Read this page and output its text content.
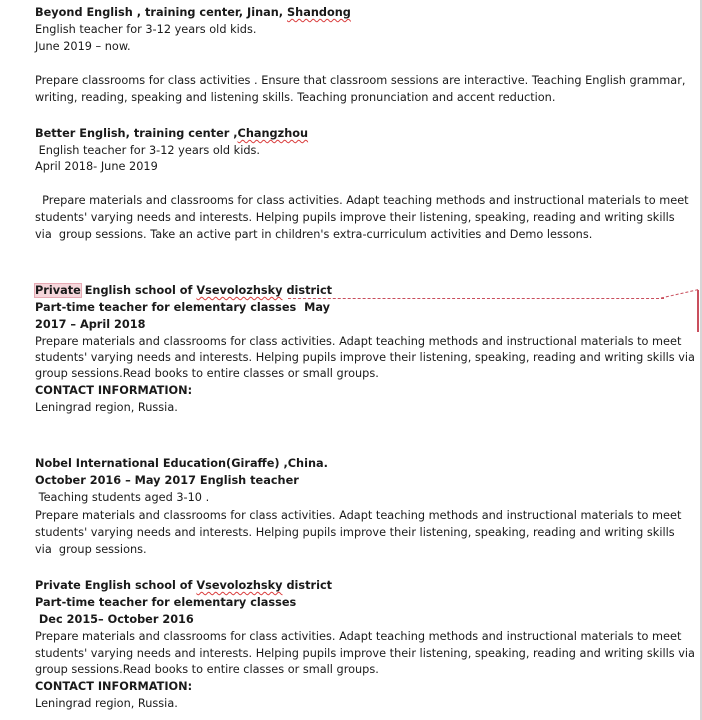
Beyond English , training center, Jinan, Shandong
English teacher for 3-12 years old kids.
June 2019 – now.
Prepare classrooms for class activities . Ensure that classroom sessions are interactive. Teaching English grammar,
writing, reading, speaking and listening skills. Teaching pronunciation and accent reduction.
Better English, training center ,Changzhou
English teacher for 3-12 years old kids.
April 2018- June 2019
Prepare materials and classrooms for class activities. Adapt teaching methods and instructional materials to meet
students' varying needs and interests. Helping pupils improve their listening, speaking, reading and writing skills
via  group sessions. Take an active part in children's extra-curriculum activities and Demo lessons.
Private English school of Vsevolozhsky district
Part-time teacher for elementary classes  May
2017 – April 2018
Prepare materials and classrooms for class activities. Adapt teaching methods and instructional materials to meet
students' varying needs and interests. Helping pupils improve their listening, speaking, reading and writing skills via
group sessions.Read books to entire classes or small groups.
CONTACT INFORMATION:
Leningrad region, Russia.
Nobel International Education(Giraffe) ,China.
October 2016 – May 2017 English teacher
Teaching students aged 3-10 .
Prepare materials and classrooms for class activities. Adapt teaching methods and instructional materials to meet
students' varying needs and interests. Helping pupils improve their listening, speaking, reading and writing skills
via  group sessions.
Private English school of Vsevolozhsky district
Part-time teacher for elementary classes
Dec 2015– October 2016
Prepare materials and classrooms for class activities. Adapt teaching methods and instructional materials to meet
students' varying needs and interests. Helping pupils improve their listening, speaking, reading and writing skills via
group sessions.Read books to entire classes or small groups.
CONTACT INFORMATION:
Leningrad region, Russia.
